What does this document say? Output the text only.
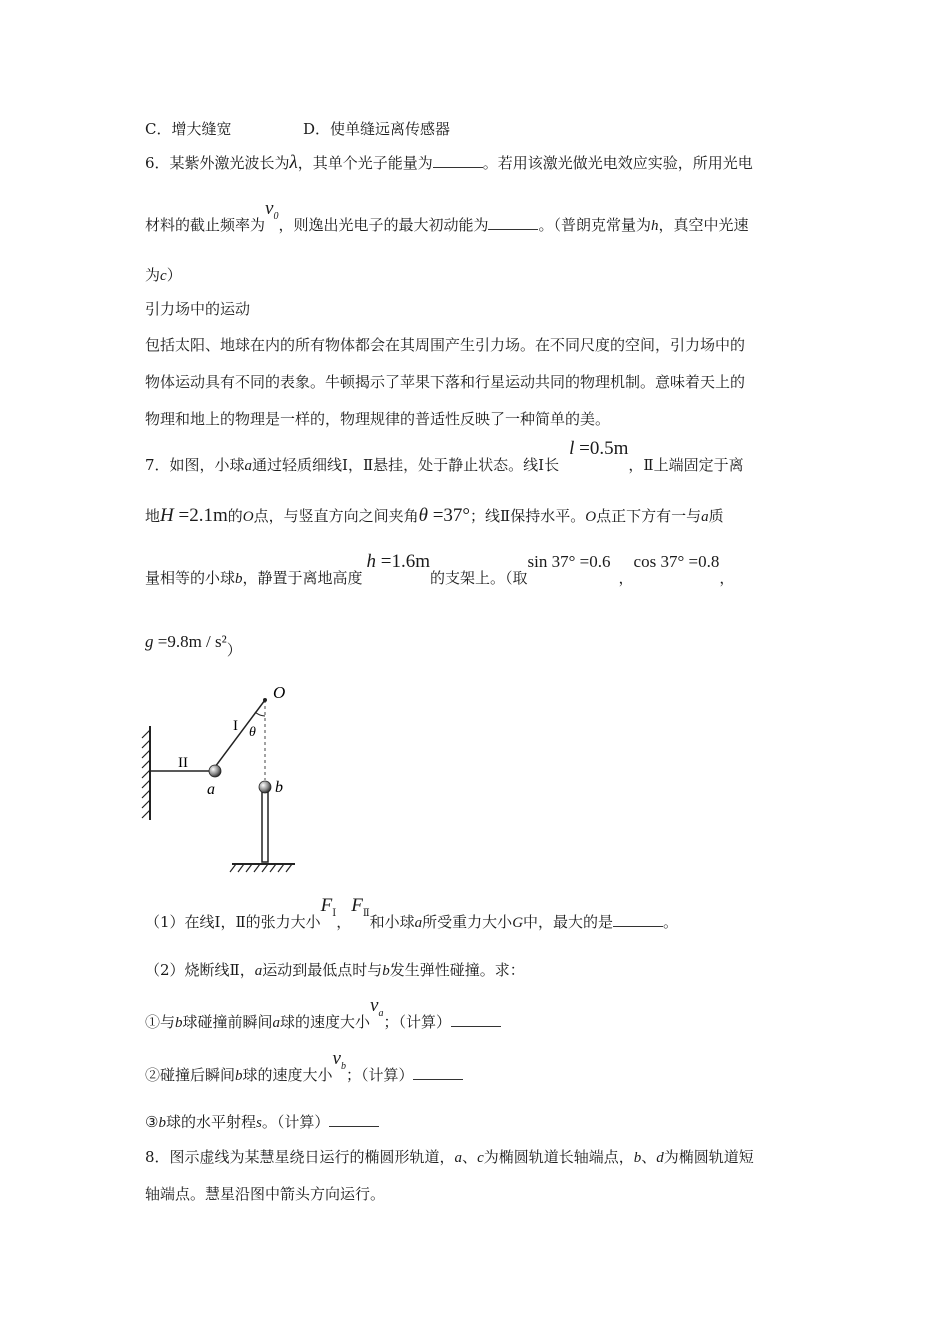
C．增大缝宽	D．使单缝远离传感器
6．某紫外激光波长为λ，其单个光子能量为	。若用该激光做光电效应实验，所用光电
材料的截止频率为$\nu_0$，则逸出光电子的最大初动能为	。（普朗克常量为h，真空中光速
为c）
引力场中的运动
包括太阳、地球在内的所有物体都会在其周围产生引力场。在不同尺度的空间，引力场中的
物体运动具有不同的表象。牛顿揭示了苹果下落和行星运动共同的物理机制。意味着天上的
物理和地上的物理是一样的，物理规律的普适性反映了一种简单的美。
7．如图，小球a通过轻质细线Ⅰ，Ⅱ悬挂，处于静止状态。线Ⅰ长l =0.5m，Ⅱ上端固定于离
地H =2.1m的O点，与竖直方向之间夹角θ =37°；线Ⅱ保持水平。O点正下方有一与a质
量相等的小球b，静置于离地高度h =1.6m的支架上。（取sin 37° =0.6，cos 37° =0.8，
g =9.8m / s²）
O
I θ
II
a	b
（1）在线Ⅰ，Ⅱ的张力大小$F_Ⅰ$，$F_Ⅱ$和小球a所受重力大小G中，最大的是	。
（2）烧断线Ⅱ，a运动到最低点时与b发生弹性碰撞。求：
①与b球碰撞前瞬间a球的速度大小$v_a$；（计算）
②碰撞后瞬间b球的速度大小$v_b$；（计算）
③b球的水平射程s。（计算）
8．图示虚线为某慧星绕日运行的椭圆形轨道，a、c为椭圆轨道长轴端点，b、d为椭圆轨道短
轴端点。慧星沿图中箭头方向运行。
